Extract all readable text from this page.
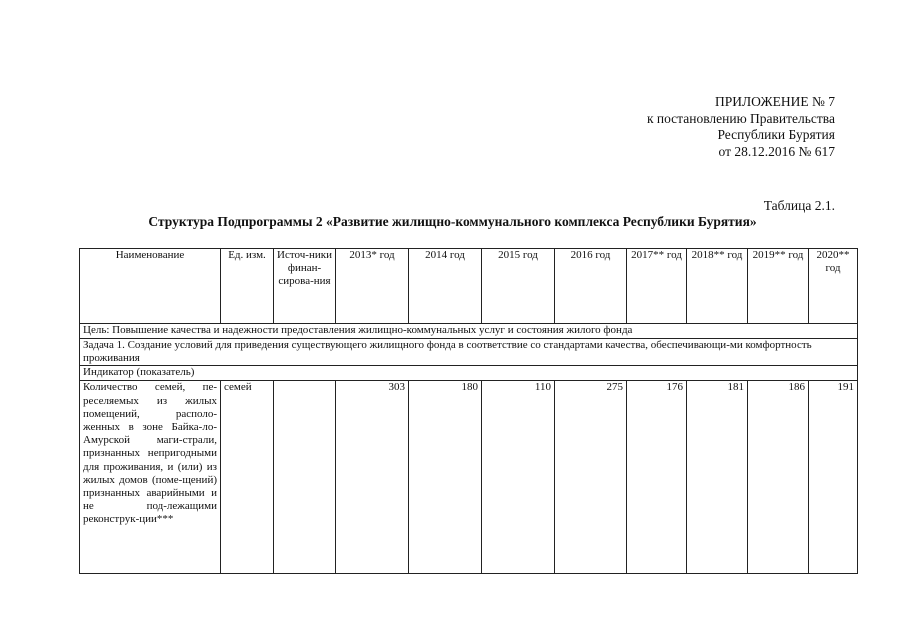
ПРИЛОЖЕНИЕ № 7
к постановлению Правительства
Республики Бурятия
от 28.12.2016 № 617
Таблица 2.1.
Структура Подпрограммы 2 «Развитие жилищно-коммунального комплекса Республики Бурятия»
Наименование	Ед. изм.	Источ-ники финан-сирова-ния	2013* год	2014 год	2015 год	2016 год	2017** год	2018** год	2019** год	2020** год
Цель: Повышение качества и надежности предоставления жилищно-коммунальных услуг и состояния жилого фонда										
Задача 1. Создание условий для приведения существующего жилищного фонда в соответствие со стандартами качества, обеспечивающи-ми комфортность проживания										
Индикатор (показатель)										
Количество семей, пе-реселяемых из жилых помещений, располо-женных в зоне Байка-ло-Амурской маги-страли, признанных непригодными для проживания, и (или) из жилых домов (поме-щений) признанных аварийными и не под-лежащими реконструк-ции***	семей		303	180	110	275	176	181	186	191
